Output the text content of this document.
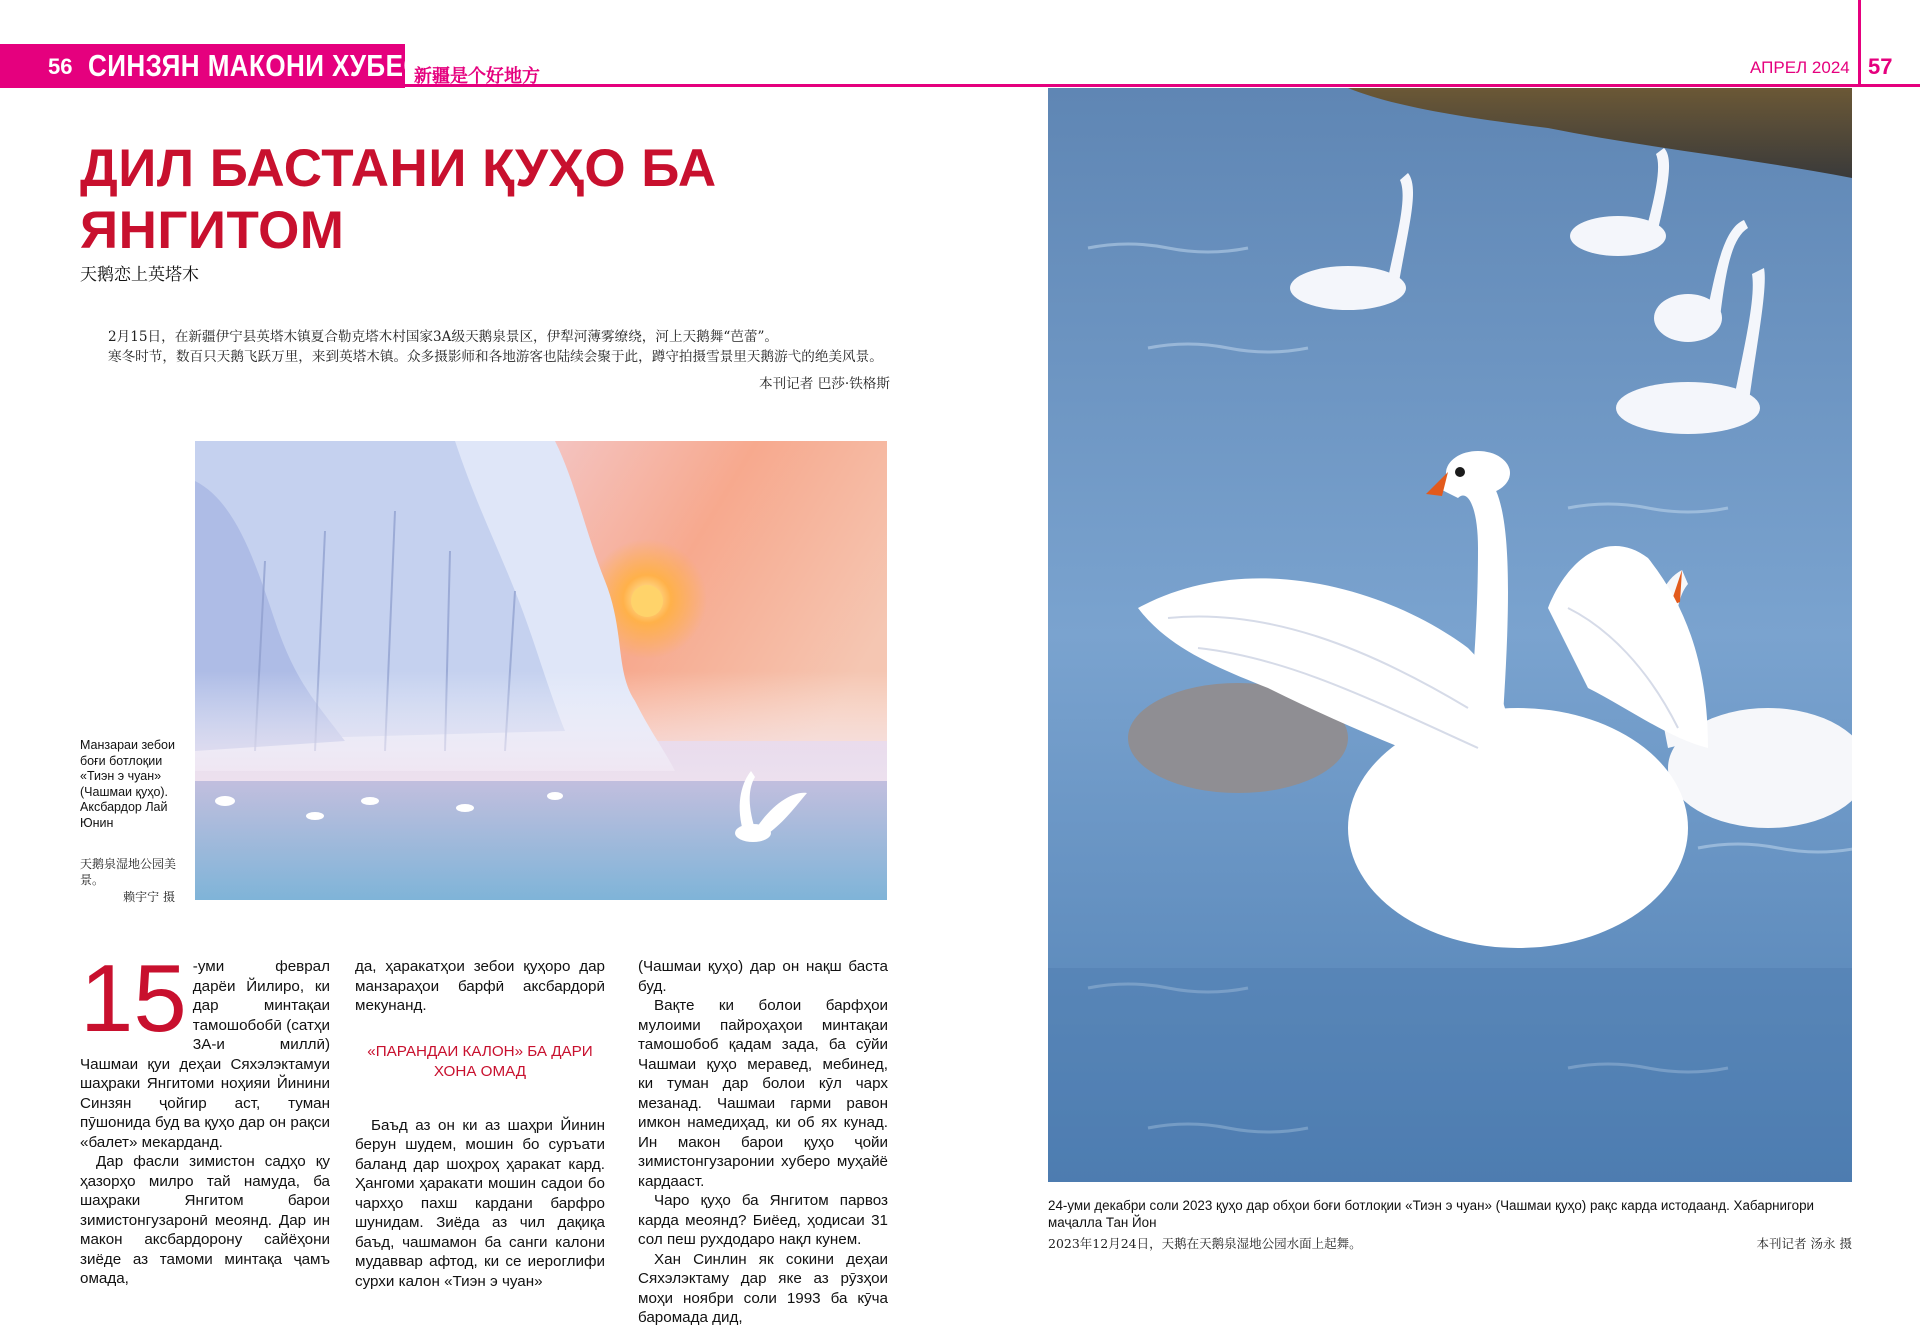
56 СИНЗЯН МАКОНИ ХУБЕСТ
新疆是个好地方	АПРЕЛ 2024 57
ДИЛ БАСТАНИ ҚУҲО БА ЯНГИТОМ
天鹅恋上英塔木

2月15日，在新疆伊宁县英塔木镇夏合勒克塔木村国家3A级天鹅泉景区，伊犁河薄雾缭绕，河上天鹅舞“芭蕾”。

寒冬时节，数百只天鹅飞跃万里，来到英塔木镇。众多摄影师和各地游客也陆续会聚于此，蹲守拍摄雪景里天鹅游弋的绝美风景。

本刊记者 巴莎·铁格斯
Манзараи зебои боғи ботлоқии «Тиэн э чуан» (Чашмаи қуҳо). Аксбардор Лай Юнин
天鹅泉湿地公园美景。
赖宇宁 摄

15 -уми феврал дарёи Йилиро, ки дар минтақаи тамошобобӣ (сатҳи 3А-и миллӣ) Чашмаи қуи деҳаи Сяхэлэктамуи шаҳраки Янгитоми ноҳияи Йинини Синзян ҷойгир аст, туман пӯшонида буд ва қуҳо дар он рақси «балет» мекарданд.

Дар фасли зимистон садҳо қу ҳазорҳо милро тай намуда, ба шаҳраки Янгитом барои зимистонгузаронӣ меоянд. Дар ин макон аксбардорону сайёҳони зиёде аз тамоми минтақа ҷамъ омада,

да, ҳаракатҳои зебои қуҳоро дар манзараҳои барфӣ аксбардорӣ мекунанд.

«ПАРАНДАИ КАЛОН» БА ДАРИ ХОНА ОМАД

Баъд аз он ки аз шаҳри Йинин берун шудем, мошин бо суръати баланд дар шоҳроҳ ҳаракат кард. Ҳангоми ҳаракати мошин садои бо чархҳо пахш кардани барфро шунидам. Зиёда аз чил дақиқа баъд, чашмамон ба санги калони мудаввар афтод, ки се иероглифи сурхи калон «Тиэн э чуан»

(Чашмаи қуҳо) дар он нақш баста буд.

Вақте ки болои барфҳои мулоими пайроҳаҳои минтақаи тамошобоб қадам зада, ба сӯйи Чашмаи қуҳо меравед, мебинед, ки туман дар болои кӯл чарх мезанад. Чашмаи гарми равон имкон намедиҳад, ки об ях кунад. Ин макон барои қуҳо ҷойи зимистонгузаронии хуберо муҳайё кардааст.

Чаро қуҳо ба Янгитом парвоз карда меоянд? Биёед, ҳодисаи 31 сол пеш рухдодаро нақл кунем.

Хан Синлин як сокини деҳаи Сяхэлэктаму дар яке аз рӯзҳои моҳи ноябри соли 1993 ба кӯча баромада дид,

24-уми декабри соли 2023 қуҳо дар обҳои боғи ботлоқии «Тиэн э чуан» (Чашмаи қуҳо) рақс карда истодаанд. Хабарнигори маҷалла Тан Йон
2023年12月24日，天鹅在天鹅泉湿地公园水面上起舞。	本刊记者 汤永 摄
